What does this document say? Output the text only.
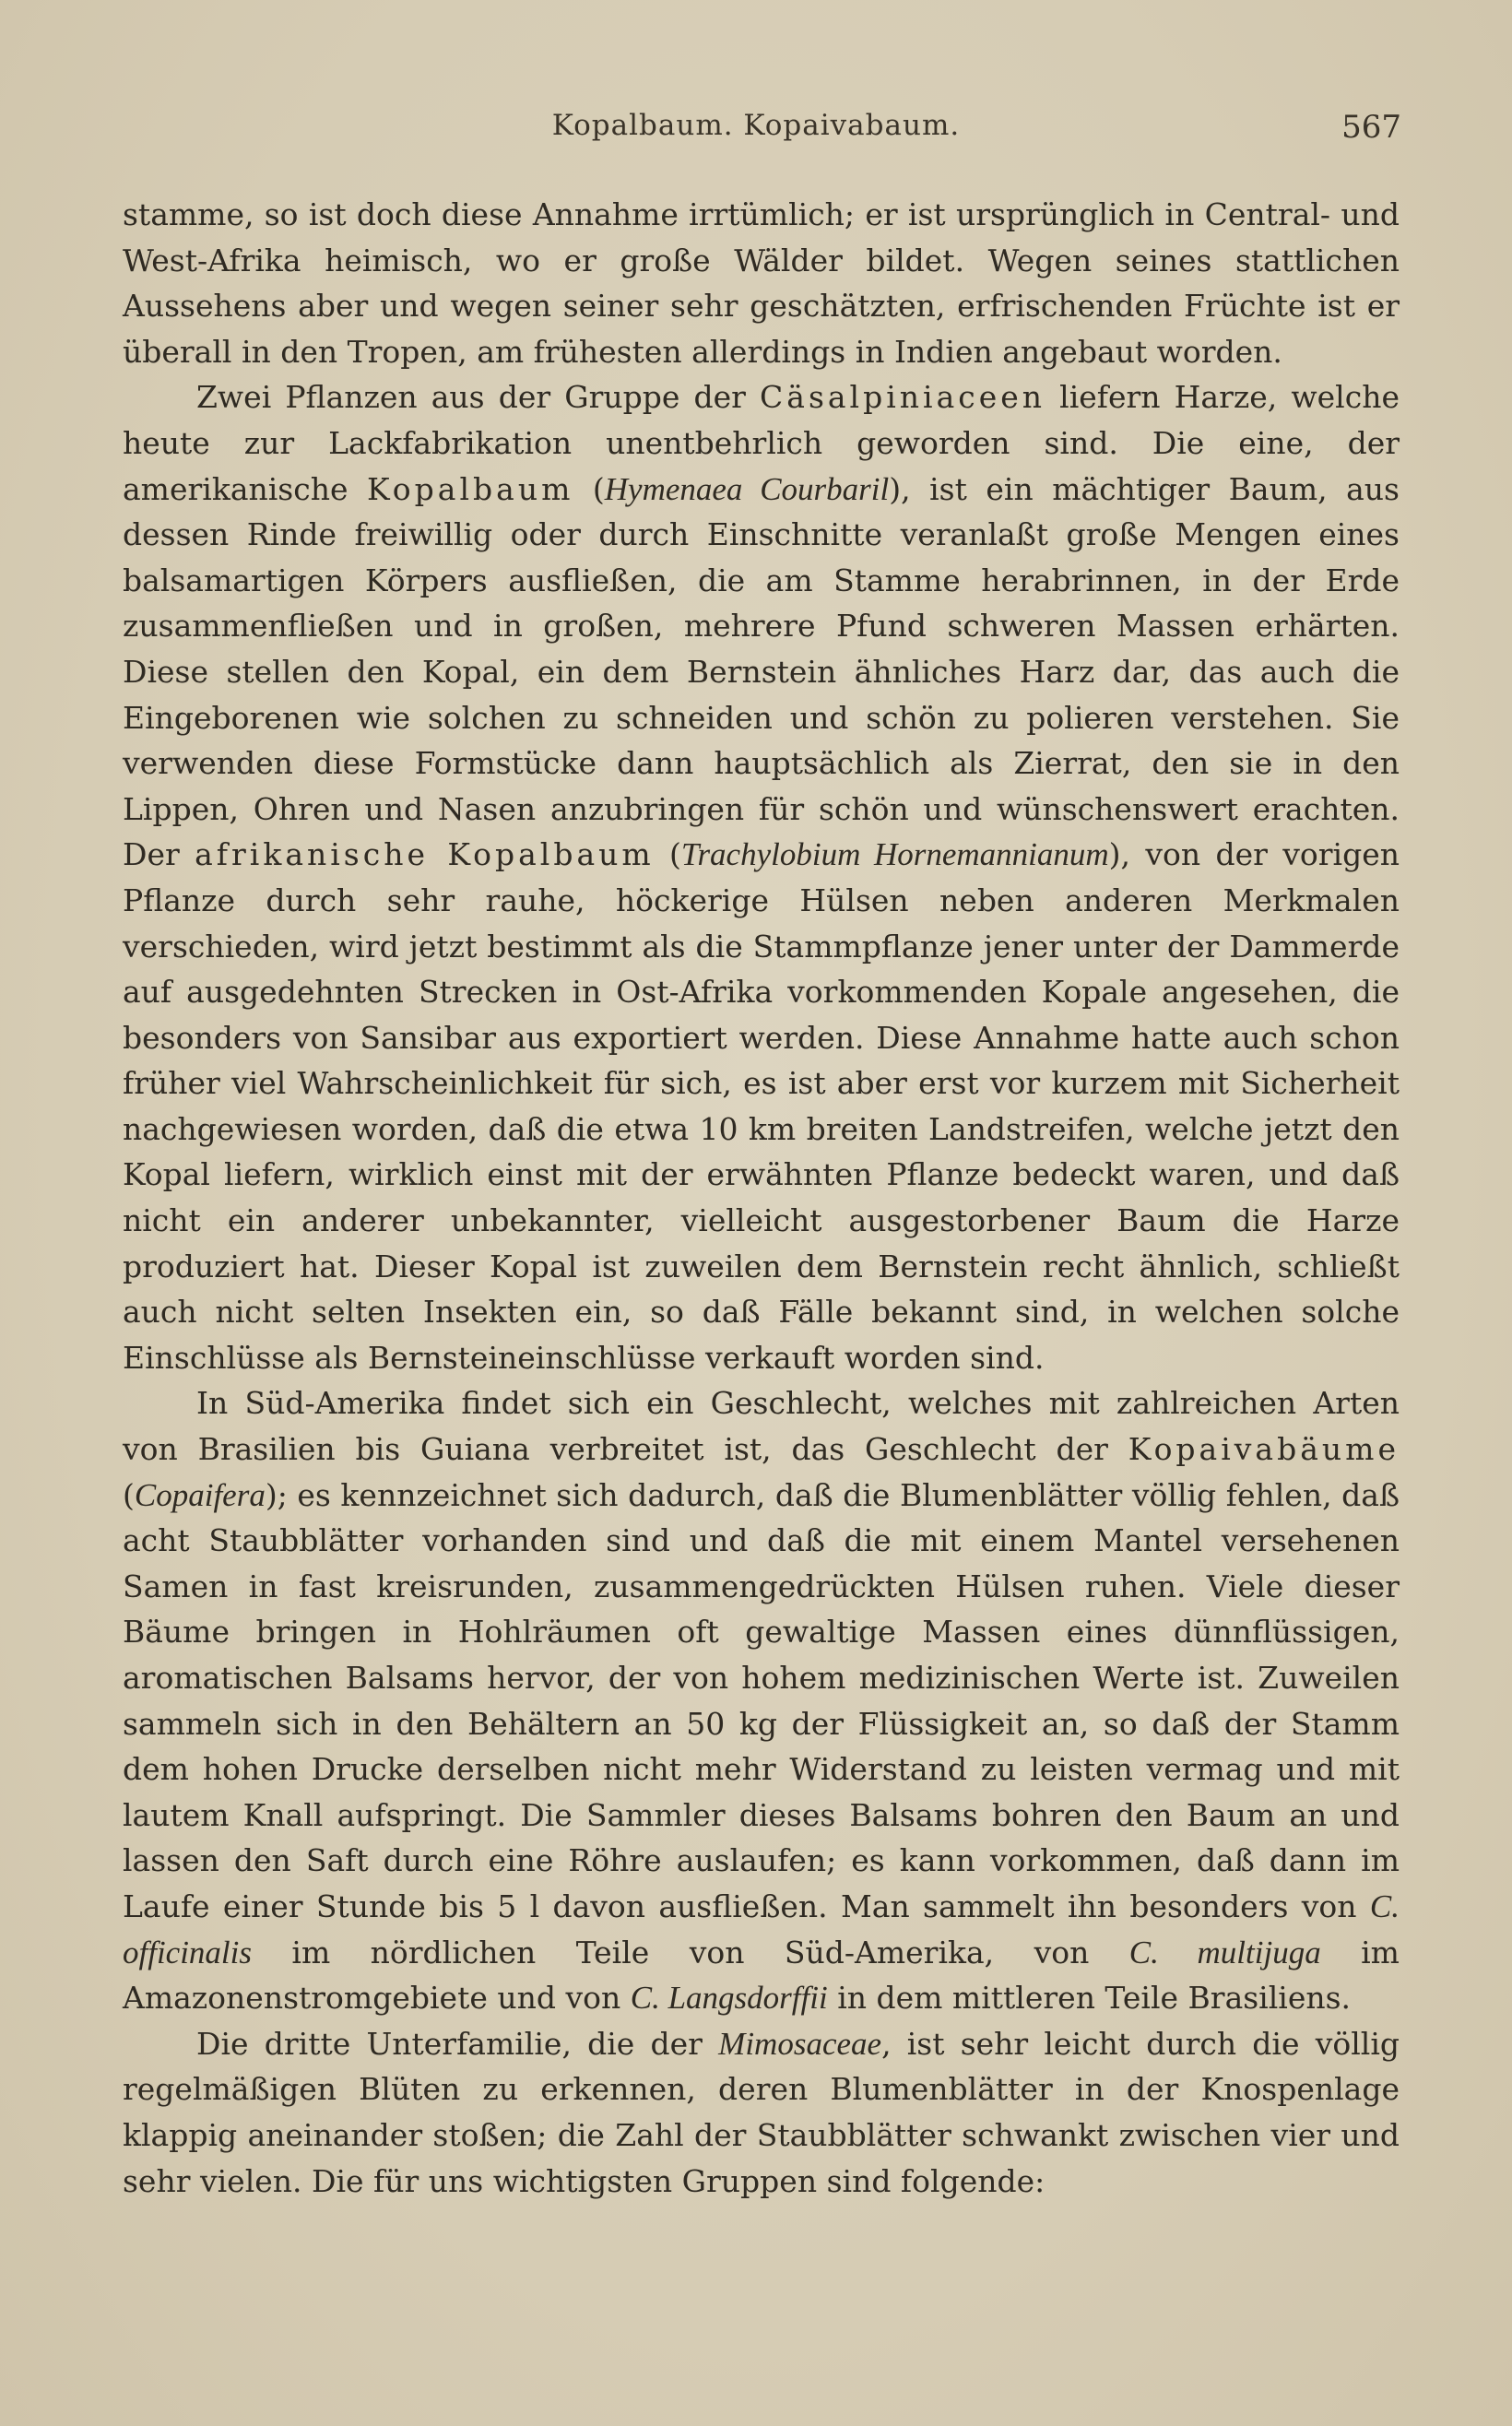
Kopalbaum. Kopaivabaum.	567

stamme, so ist doch diese Annahme irrtümlich; er ist ursprünglich in Central- und West-Afrika heimisch, wo er große Wälder bildet. Wegen seines stattlichen Aussehens aber und wegen seiner sehr geschätzten, erfrischenden Früchte ist er überall in den Tropen, am frühesten allerdings in Indien angebaut worden.

Zwei Pflanzen aus der Gruppe der Cäsalpiniaceen liefern Harze, welche heute zur Lackfabrikation unentbehrlich geworden sind. Die eine, der amerikanische Kopalbaum (Hymenaea Courbaril), ist ein mächtiger Baum, aus dessen Rinde freiwillig oder durch Einschnitte veranlaßt große Mengen eines balsamartigen Körpers ausfließen, die am Stamme herabrinnen, in der Erde zusammenfließen und in großen, mehrere Pfund schweren Massen erhärten. Diese stellen den Kopal, ein dem Bernstein ähnliches Harz dar, das auch die Eingeborenen wie solchen zu schneiden und schön zu polieren verstehen. Sie verwenden diese Formstücke dann hauptsächlich als Zierrat, den sie in den Lippen, Ohren und Nasen anzubringen für schön und wünschenswert erachten. Der afrikanische Kopalbaum (Trachylobium Hornemannianum), von der vorigen Pflanze durch sehr rauhe, höckerige Hülsen neben anderen Merkmalen verschieden, wird jetzt bestimmt als die Stammpflanze jener unter der Dammerde auf ausgedehnten Strecken in Ost-Afrika vorkommenden Kopale angesehen, die besonders von Sansibar aus exportiert werden. Diese Annahme hatte auch schon früher viel Wahrscheinlichkeit für sich, es ist aber erst vor kurzem mit Sicherheit nachgewiesen worden, daß die etwa 10 km breiten Landstreifen, welche jetzt den Kopal liefern, wirklich einst mit der erwähnten Pflanze bedeckt waren, und daß nicht ein anderer unbekannter, vielleicht ausgestorbener Baum die Harze produziert hat. Dieser Kopal ist zuweilen dem Bernstein recht ähnlich, schließt auch nicht selten Insekten ein, so daß Fälle bekannt sind, in welchen solche Einschlüsse als Bernsteineinschlüsse verkauft worden sind.

In Süd-Amerika findet sich ein Geschlecht, welches mit zahlreichen Arten von Brasilien bis Guiana verbreitet ist, das Geschlecht der Kopaivabäume (Copaifera); es kennzeichnet sich dadurch, daß die Blumenblätter völlig fehlen, daß acht Staubblätter vorhanden sind und daß die mit einem Mantel versehenen Samen in fast kreisrunden, zusammengedrückten Hülsen ruhen. Viele dieser Bäume bringen in Hohlräumen oft gewaltige Massen eines dünnflüssigen, aromatischen Balsams hervor, der von hohem medizinischen Werte ist. Zuweilen sammeln sich in den Behältern an 50 kg der Flüssigkeit an, so daß der Stamm dem hohen Drucke derselben nicht mehr Widerstand zu leisten vermag und mit lautem Knall aufspringt. Die Sammler dieses Balsams bohren den Baum an und lassen den Saft durch eine Röhre auslaufen; es kann vorkommen, daß dann im Laufe einer Stunde bis 5 l davon ausfließen. Man sammelt ihn besonders von C. officinalis im nördlichen Teile von Süd-Amerika, von C. multijuga im Amazonenstromgebiete und von C. Langsdorffii in dem mittleren Teile Brasiliens.

Die dritte Unterfamilie, die der Mimosaceae, ist sehr leicht durch die völlig regelmäßigen Blüten zu erkennen, deren Blumenblätter in der Knospenlage klappig aneinander stoßen; die Zahl der Staubblätter schwankt zwischen vier und sehr vielen. Die für uns wichtigsten Gruppen sind folgende:
